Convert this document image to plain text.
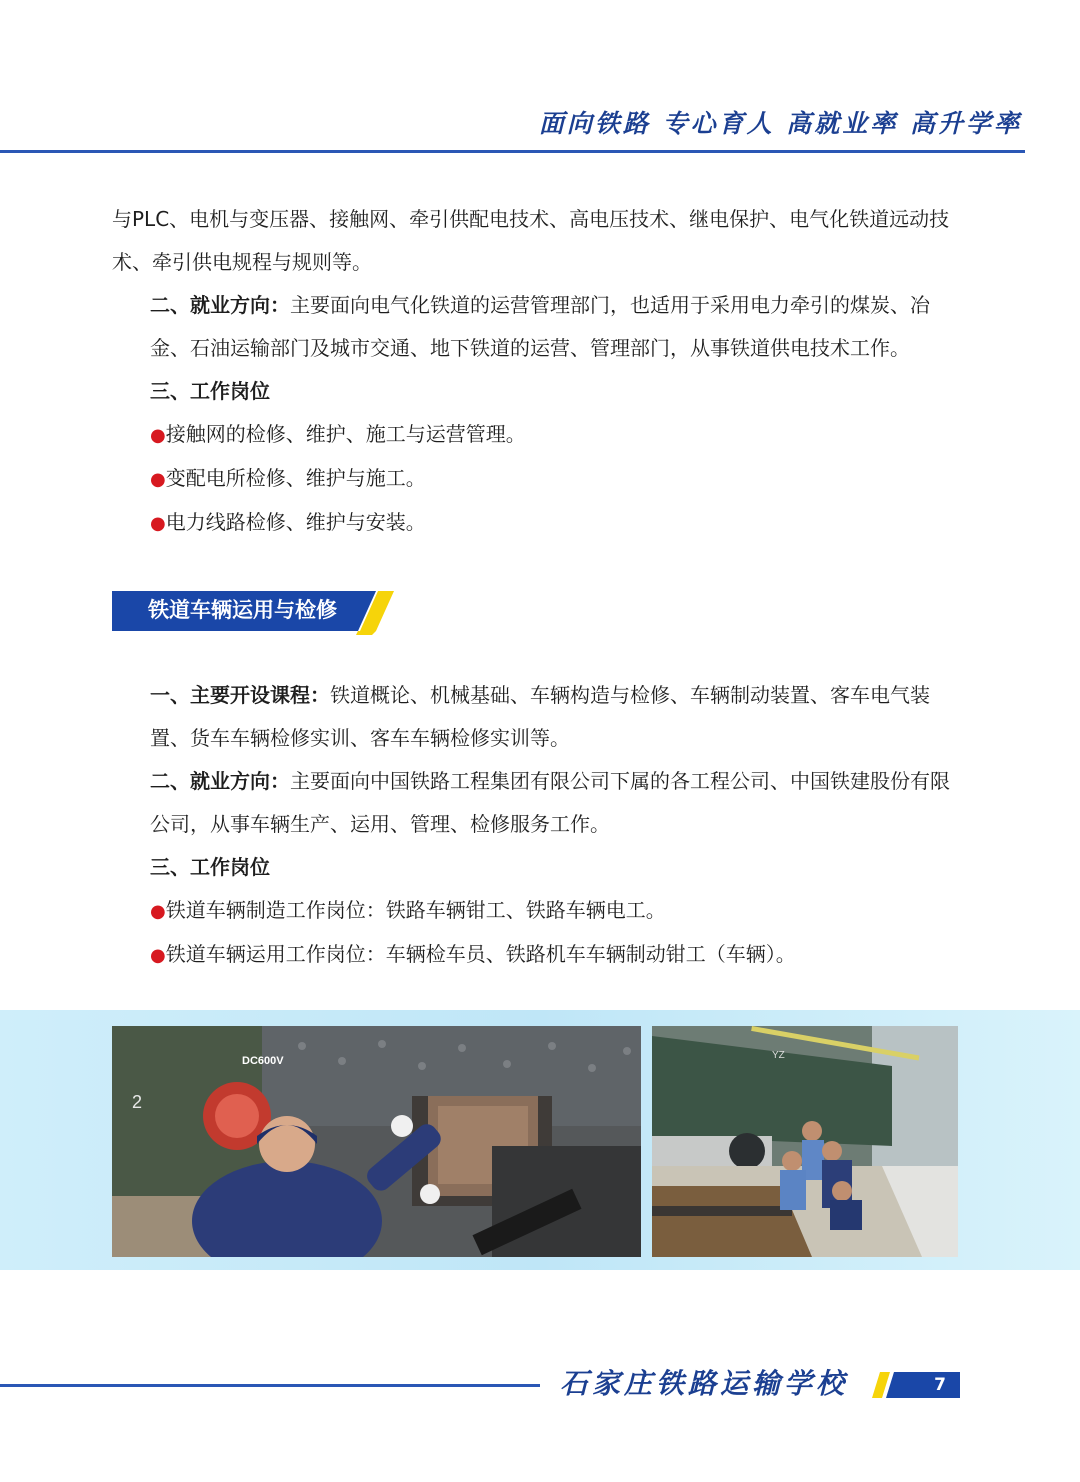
面向铁路 专心育人 高就业率 高升学率

与PLC、电机与变压器、接触网、牵引供配电技术、高电压技术、继电保护、电气化铁道远动技术、牵引供电规程与规则等。

二、就业方向：主要面向电气化铁道的运营管理部门，也适用于采用电力牵引的煤炭、冶金、石油运输部门及城市交通、地下铁道的运营、管理部门，从事铁道供电技术工作。

三、工作岗位

●接触网的检修、维护、施工与运营管理。

●变配电所检修、维护与施工。

●电力线路检修、维护与安装。

铁道车辆运用与检修

一、主要开设课程：铁道概论、机械基础、车辆构造与检修、车辆制动装置、客车电气装置、货车车辆检修实训、客车车辆检修实训等。

二、就业方向：主要面向中国铁路工程集团有限公司下属的各工程公司、中国铁建股份有限公司，从事车辆生产、运用、管理、检修服务工作。

三、工作岗位

●铁道车辆制造工作岗位：铁路车辆钳工、铁路车辆电工。

●铁道车辆运用工作岗位：车辆检车员、铁路机车车辆制动钳工（车辆）。

DC600V
2
YZ
石家庄铁路运输学校	7
